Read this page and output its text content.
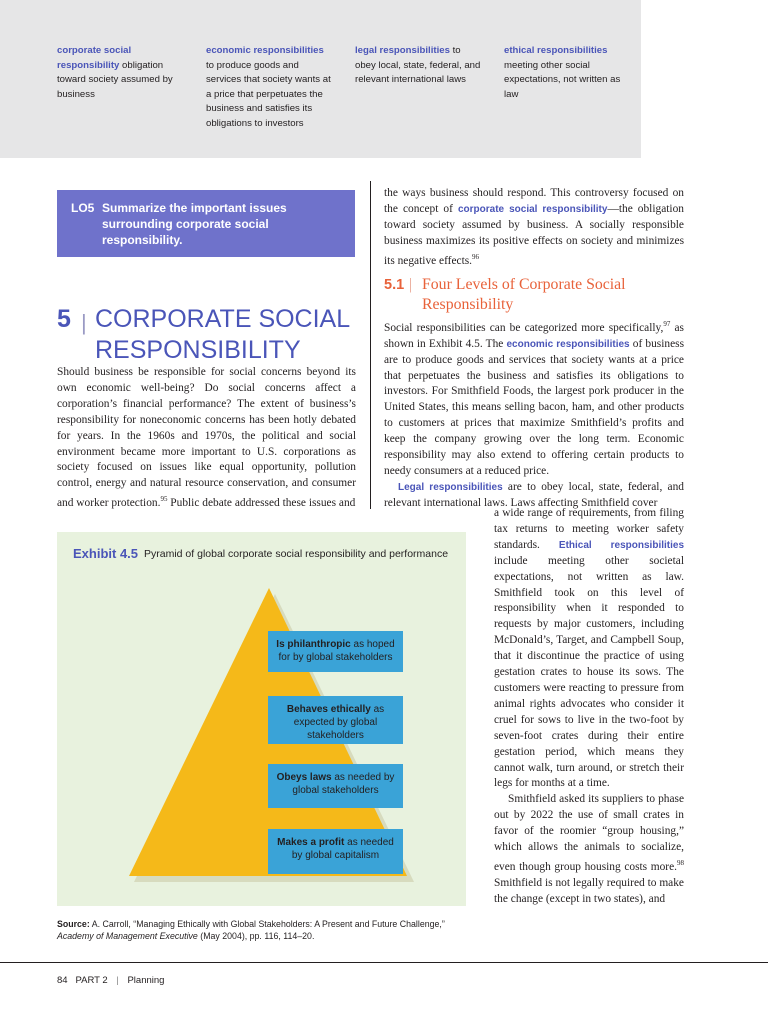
corporate social responsibility obligation toward society assumed by business
economic responsibilities to produce goods and services that society wants at a price that perpetuates the business and satisfies its obligations to investors
legal responsibilities to obey local, state, federal, and relevant international laws
ethical responsibilities meeting other social expectations, not written as law
LO5 Summarize the important issues surrounding corporate social responsibility.
5 | CORPORATE SOCIAL RESPONSIBILITY
Should business be responsible for social concerns beyond its own economic well-being? Do social concerns affect a corporation’s financial performance? The extent of business’s responsibility for noneconomic concerns has been hotly debated for years. In the 1960s and 1970s, the political and social environment became more important to U.S. corporations as society focused on issues like equal opportunity, pollution control, energy and natural resource conservation, and consumer and worker protection.$^{95}$ Public debate addressed these issues and
the ways business should respond. This controversy focused on the concept of corporate social responsibility—the obligation toward society assumed by business. A socially responsible business maximizes its positive effects on society and minimizes its negative effects.$^{96}$
5.1 | Four Levels of Corporate Social Responsibility

Social responsibilities can be categorized more specifically,$^{97}$ as shown in Exhibit 4.5. The economic responsibilities of business are to produce goods and services that society wants at a price that perpetuates the business and satisfies its obligations to investors. For Smithfield Foods, the largest pork producer in the United States, this means selling bacon, ham, and other products to customers at prices that maximize Smithfield’s profits and keep the company growing over the long term. Economic responsibility may also extend to offering certain products to needy consumers at a reduced price.

Legal responsibilities are to obey local, state, federal, and relevant international laws. Laws affecting Smithfield cover

a wide range of requirements, from filing tax returns to meeting worker safety standards. Ethical responsibilities include meeting other societal expectations, not written as law. Smithfield took on this level of responsibility when it responded to requests by major customers, including McDonald’s, Target, and Campbell Soup, that it discontinue the practice of using gestation crates to house its sows. The customers were reacting to pressure from animal rights advocates who consider it cruel for sows to live in the two-foot by seven-foot crates during their entire gestation period, which means they cannot walk, turn around, or stretch their legs for months at a time.

Smithfield asked its suppliers to phase out by 2022 the use of small crates in favor of the roomier “group housing,” which allows the animals to socialize, even though group housing costs more.$^{98}$ Smithfield is not legally required to make the change (except in two states), and

Exhibit 4.5 Pyramid of global corporate social responsibility and performance
Is philanthropic as hoped for by global stakeholders
Behaves ethically as expected by global stakeholders
Obeys laws as needed by global stakeholders
Makes a profit as needed by global capitalism
Source: A. Carroll, “Managing Ethically with Global Stakeholders: A Present and Future Challenge,” Academy of Management Executive (May 2004), pp. 116, 114–20.
84 PART 2 | Planning
